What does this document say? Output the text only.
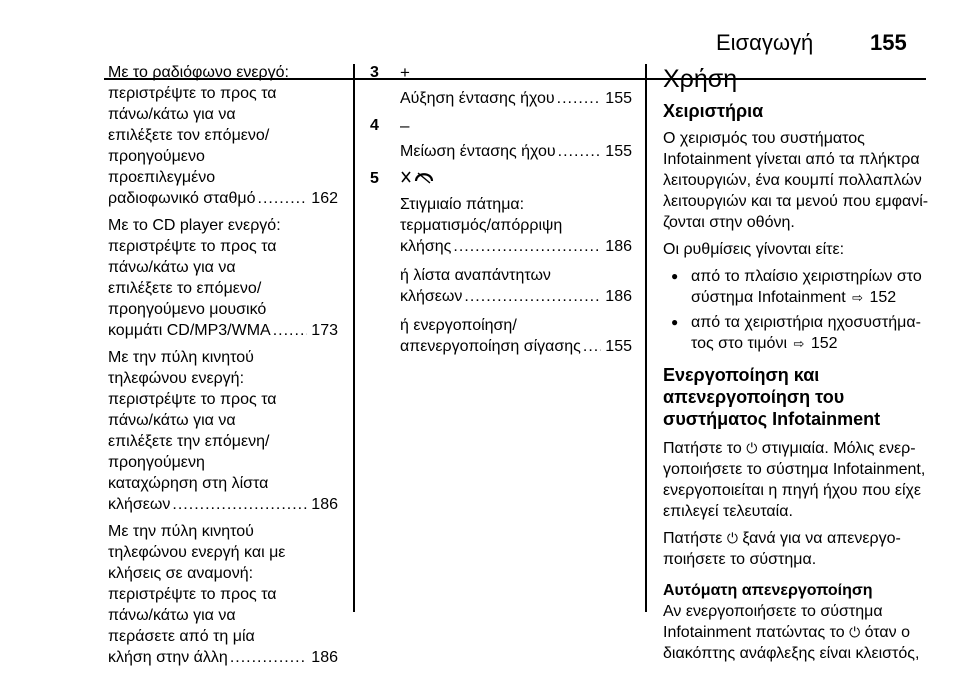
Εισαγωγή	155
Με το ραδιόφωνο ενεργό:
περιστρέψτε το προς τα
πάνω/κάτω για να
επιλέξετε τον επόμενο/
προηγούμενο
προεπιλεγμένο
ραδιοφωνικό σταθμό .....	162
Με το CD player ενεργό:
περιστρέψτε το προς τα
πάνω/κάτω για να
επιλέξετε το επόμενο/
προηγούμενο μουσικό
κομμάτι CD/MP3/WMA .....	173
Με την πύλη κινητού
τηλεφώνου ενεργή:
περιστρέψτε το προς τα
πάνω/κάτω για να
επιλέξετε την επόμενη/
προηγούμενη
καταχώρηση στη λίστα
κλήσεων .....	186
Με την πύλη κινητού
τηλεφώνου ενεργή και με
κλήσεις σε αναμονή:
περιστρέψτε το προς τα
πάνω/κάτω για να
περάσετε από τη μία
κλήση στην άλλη .....	186
3 +
Αύξηση έντασης ήχου .....	155
4 –
Μείωση έντασης ήχου .....	155
5
Στιγμιαίο πάτημα:
τερματισμός/απόρριψη
κλήσης .....	186
ή λίστα αναπάντητων
κλήσεων .....	186
ή ενεργοποίηση/
απενεργοποίηση σίγασης ..... 155
Χρήση
Χειριστήρια
Ο χειρισμός του συστήματος
Infotainment γίνεται από τα πλήκτρα
λειτουργιών, ένα κουμπί πολλαπλών
λειτουργιών και τα μενού που εμφανί‐
ζονται στην οθόνη.
Οι ρυθμίσεις γίνονται είτε:
● από το πλαίσιο χειριστηρίων στο
σύστημα Infotainment ⇨ 152
● από τα χειριστήρια ηχοσυστήμα‐
τος στο τιμόνι ⇨ 152
Ενεργοποίηση και
απενεργοποίηση του
συστήματος Infotainment
Πατήστε το ⏻ στιγμιαία. Μόλις ενερ‐
γοποιήσετε το σύστημα Infotainment,
ενεργοποιείται η πηγή ήχου που είχε
επιλεγεί τελευταία.
Πατήστε ⏻ ξανά για να απενεργο‐
ποιήσετε το σύστημα.
Αυτόματη απενεργοποίηση
Αν ενεργοποιήσετε το σύστημα
Infotainment πατώντας το ⏻ όταν ο
διακόπτης ανάφλεξης είναι κλειστός,
